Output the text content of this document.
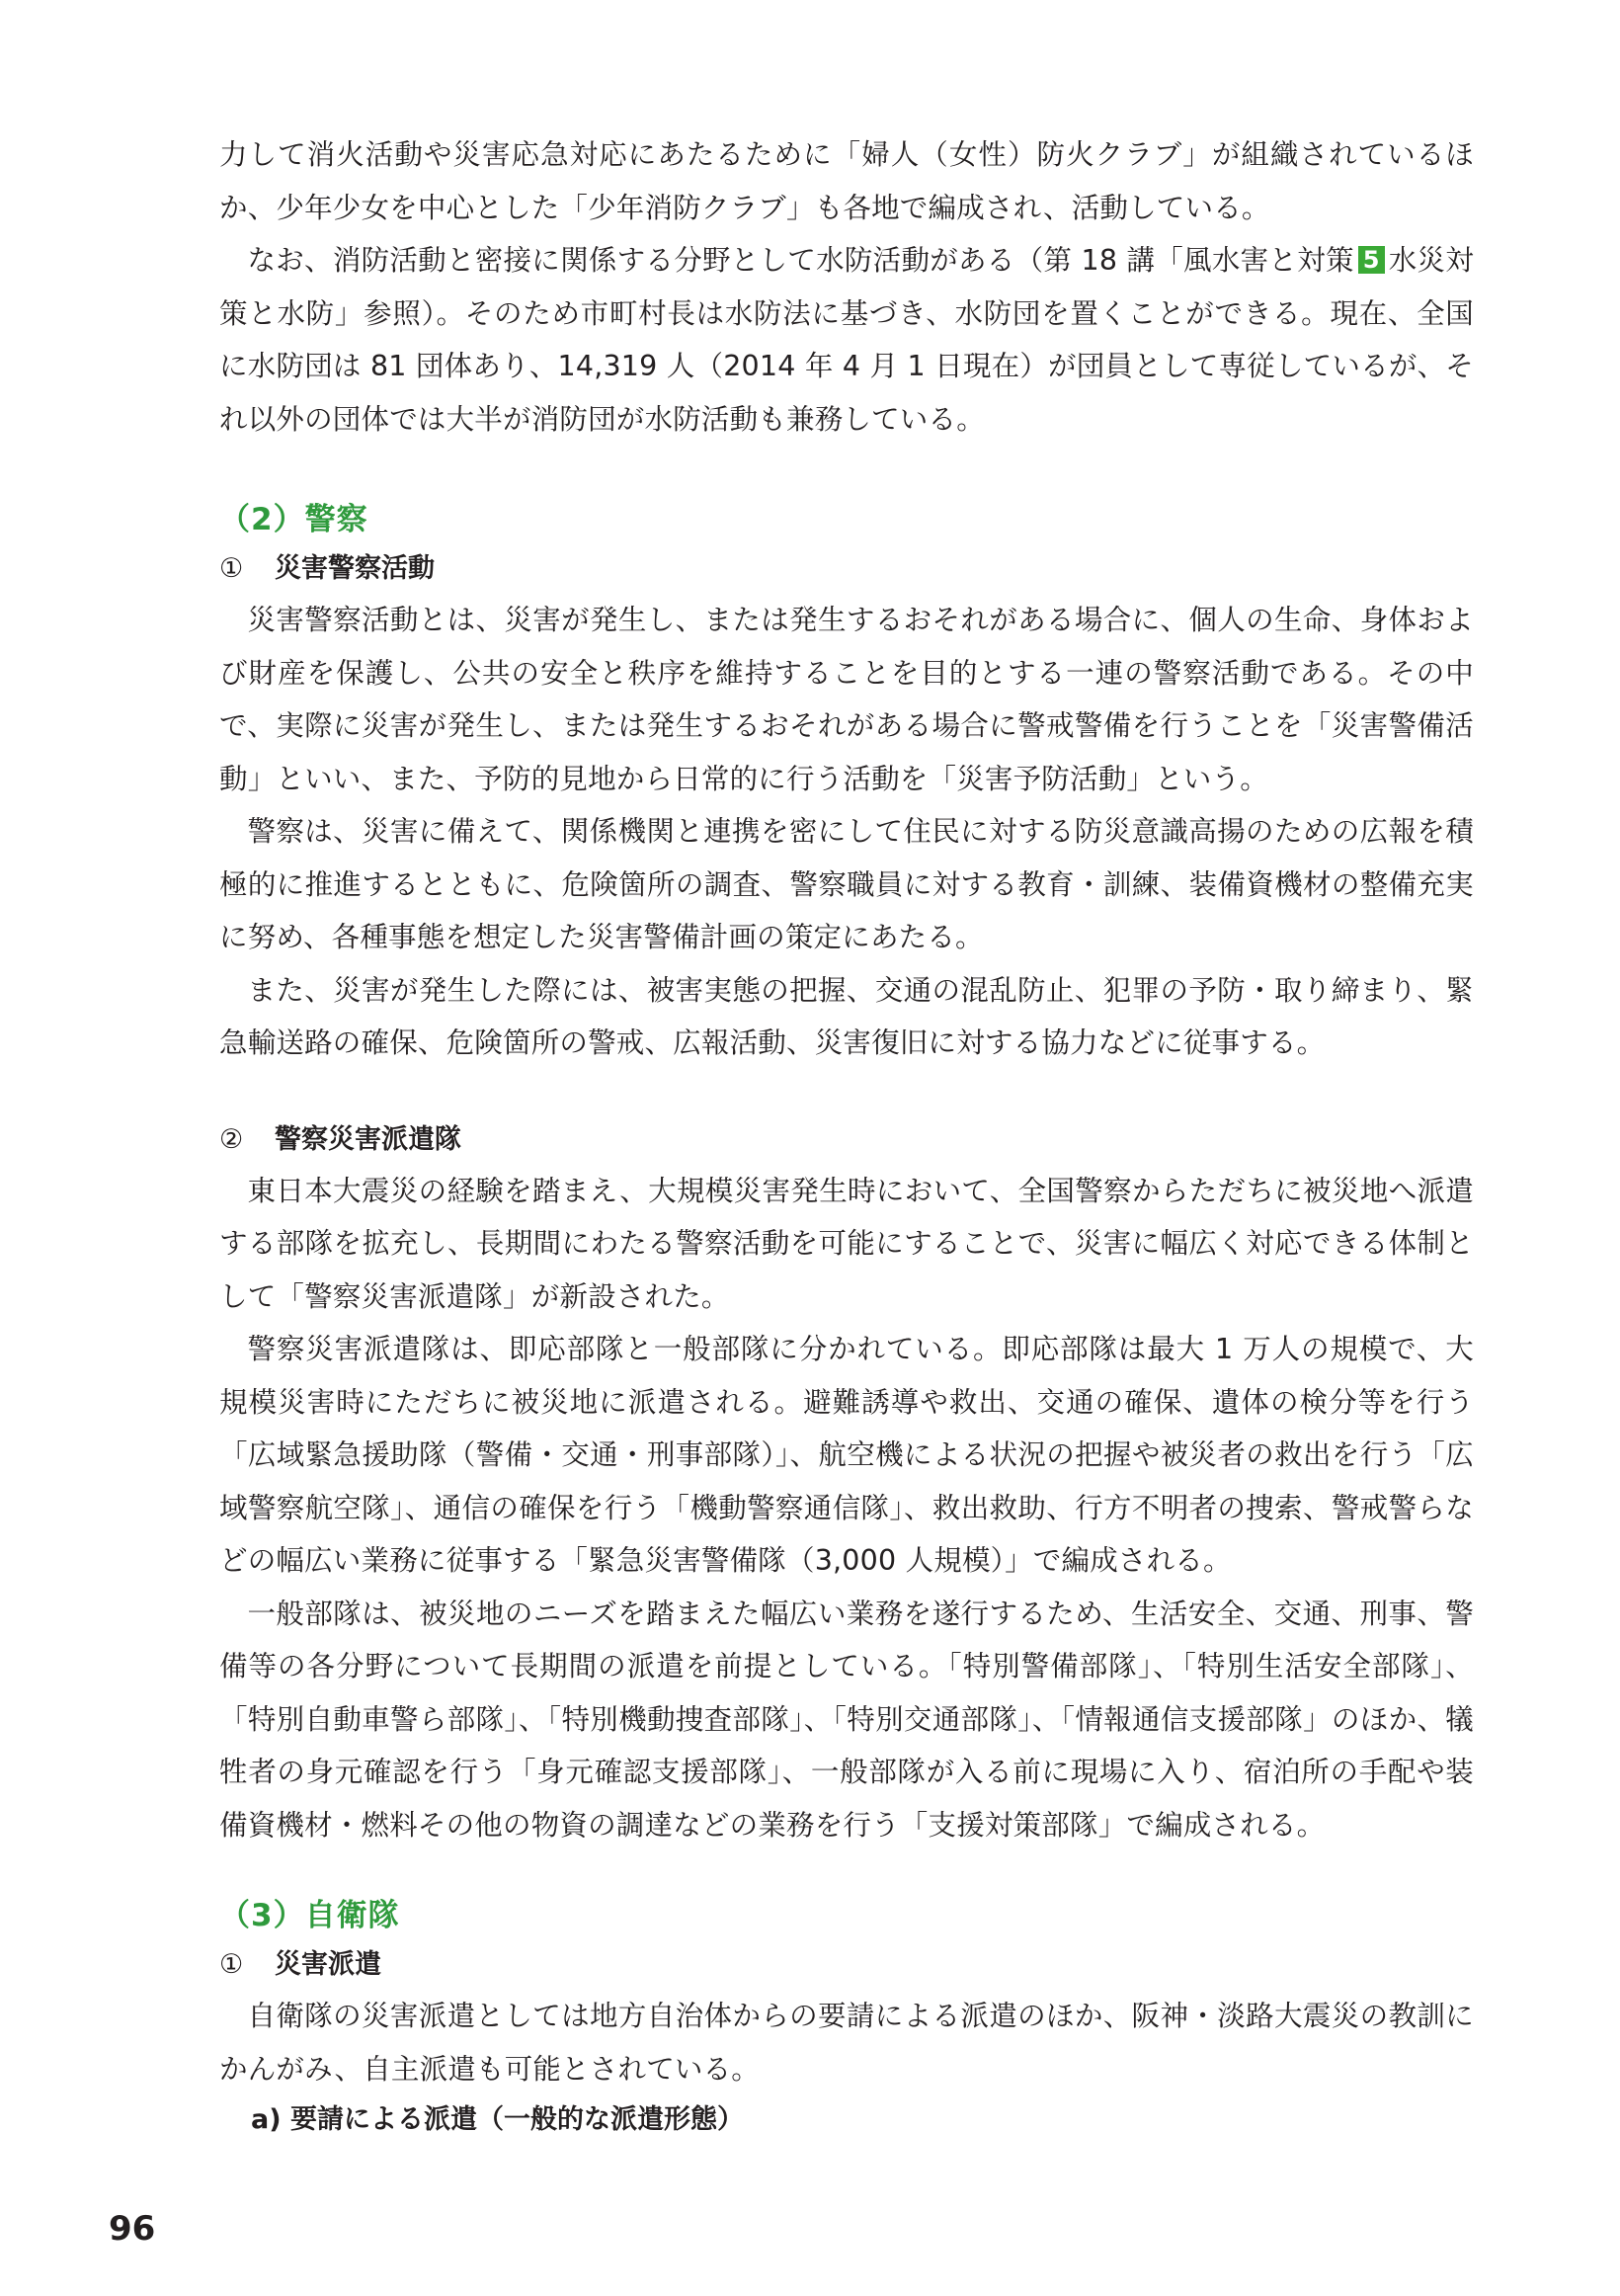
力して消火活動や災害応急対応にあたるために「婦人（女性）防火クラブ」が組織されているほか、少年少女を中心とした「少年消防クラブ」も各地で編成され、活動している。

なお、消防活動と密接に関係する分野として水防活動がある（第 18 講「風水害と対策 5 水災対策と水防」参照）。そのため市町村長は水防法に基づき、水防団を置くことができる。現在、全国に水防団は 81 団体あり、14,319 人（2014 年 4 月 1 日現在）が団員として専従しているが、それ以外の団体では大半が消防団が水防活動も兼務している。

（2）警察
① 災害警察活動

災害警察活動とは、災害が発生し、または発生するおそれがある場合に、個人の生命、身体および財産を保護し、公共の安全と秩序を維持することを目的とする一連の警察活動である。その中で、実際に災害が発生し、または発生するおそれがある場合に警戒警備を行うことを「災害警備活動」といい、また、予防的見地から日常的に行う活動を「災害予防活動」という。

警察は、災害に備えて、関係機関と連携を密にして住民に対する防災意識高揚のための広報を積極的に推進するとともに、危険箇所の調査、警察職員に対する教育・訓練、装備資機材の整備充実に努め、各種事態を想定した災害警備計画の策定にあたる。

また、災害が発生した際には、被害実態の把握、交通の混乱防止、犯罪の予防・取り締まり、緊急輸送路の確保、危険箇所の警戒、広報活動、災害復旧に対する協力などに従事する。

② 警察災害派遣隊

東日本大震災の経験を踏まえ、大規模災害発生時において、全国警察からただちに被災地へ派遣する部隊を拡充し、長期間にわたる警察活動を可能にすることで、災害に幅広く対応できる体制として「警察災害派遣隊」が新設された。

警察災害派遣隊は、即応部隊と一般部隊に分かれている。即応部隊は最大 1 万人の規模で、大規模災害時にただちに被災地に派遣される。避難誘導や救出、交通の確保、遺体の検分等を行う「広域緊急援助隊（警備・交通・刑事部隊）」、航空機による状況の把握や被災者の救出を行う「広域警察航空隊」、通信の確保を行う「機動警察通信隊」、救出救助、行方不明者の捜索、警戒警らなどの幅広い業務に従事する「緊急災害警備隊（3,000 人規模）」で編成される。

一般部隊は、被災地のニーズを踏まえた幅広い業務を遂行するため、生活安全、交通、刑事、警備等の各分野について長期間の派遣を前提としている。「特別警備部隊」、「特別生活安全部隊」、「特別自動車警ら部隊」、「特別機動捜査部隊」、「特別交通部隊」、「情報通信支援部隊」のほか、犠牲者の身元確認を行う「身元確認支援部隊」、一般部隊が入る前に現場に入り、宿泊所の手配や装備資機材・燃料その他の物資の調達などの業務を行う「支援対策部隊」で編成される。

（3）自衛隊
① 災害派遣

自衛隊の災害派遣としては地方自治体からの要請による派遣のほか、阪神・淡路大震災の教訓にかんがみ、自主派遣も可能とされている。

a) 要請による派遣（一般的な派遣形態）
96
